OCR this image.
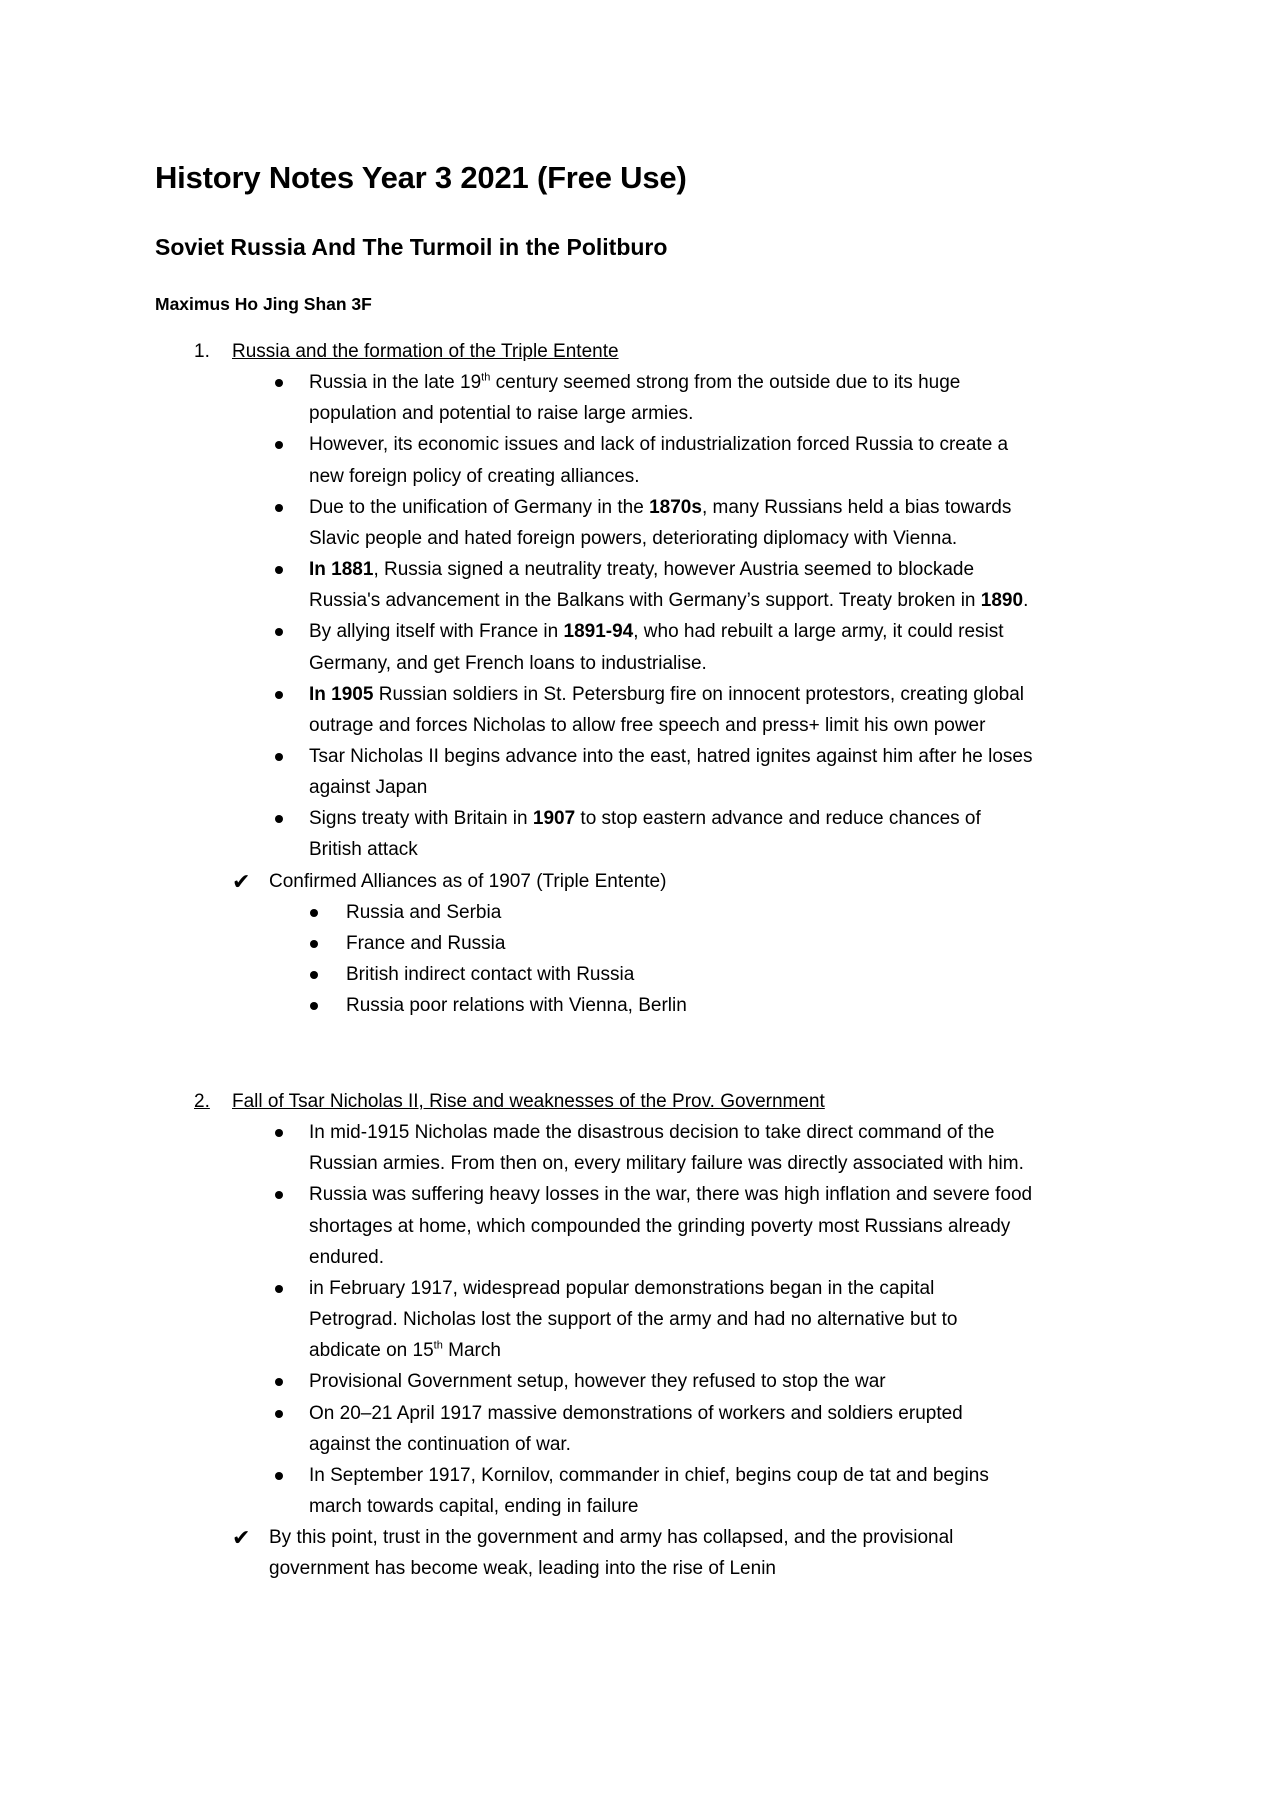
History Notes Year 3 2021 (Free Use)
Soviet Russia And The Turmoil in the Politburo
Maximus Ho Jing Shan 3F
1. Russia and the formation of the Triple Entente
Russia in the late 19th century seemed strong from the outside due to its huge
population and potential to raise large armies.
However, its economic issues and lack of industrialization forced Russia to create a
new foreign policy of creating alliances.
Due to the unification of Germany in the 1870s, many Russians held a bias towards
Slavic people and hated foreign powers, deteriorating diplomacy with Vienna.
In 1881, Russia signed a neutrality treaty, however Austria seemed to blockade
Russia's advancement in the Balkans with Germany’s support. Treaty broken in 1890.
By allying itself with France in 1891-94, who had rebuilt a large army, it could resist
Germany, and get French loans to industrialise.
In 1905 Russian soldiers in St. Petersburg fire on innocent protestors, creating global
outrage and forces Nicholas to allow free speech and press+ limit his own power
Tsar Nicholas II begins advance into the east, hatred ignites against him after he loses
against Japan
Signs treaty with Britain in 1907 to stop eastern advance and reduce chances of
British attack
✔ Confirmed Alliances as of 1907 (Triple Entente)
Russia and Serbia
France and Russia
British indirect contact with Russia
Russia poor relations with Vienna, Berlin
2.	Fall of Tsar Nicholas II, Rise and weaknesses of the Prov. Government
In mid-1915 Nicholas made the disastrous decision to take direct command of the
Russian armies. From then on, every military failure was directly associated with him.
Russia was suffering heavy losses in the war, there was high inflation and severe food
shortages at home, which compounded the grinding poverty most Russians already
endured.
in February 1917, widespread popular demonstrations began in the capital
Petrograd. Nicholas lost the support of the army and had no alternative but to
abdicate on 15th March
Provisional Government setup, however they refused to stop the war
On 20–21 April 1917 massive demonstrations of workers and soldiers erupted
against the continuation of war.
In September 1917, Kornilov, commander in chief, begins coup de tat and begins
march towards capital, ending in failure
✔ By this point, trust in the government and army has collapsed, and the provisional
government has become weak, leading into the rise of Lenin
